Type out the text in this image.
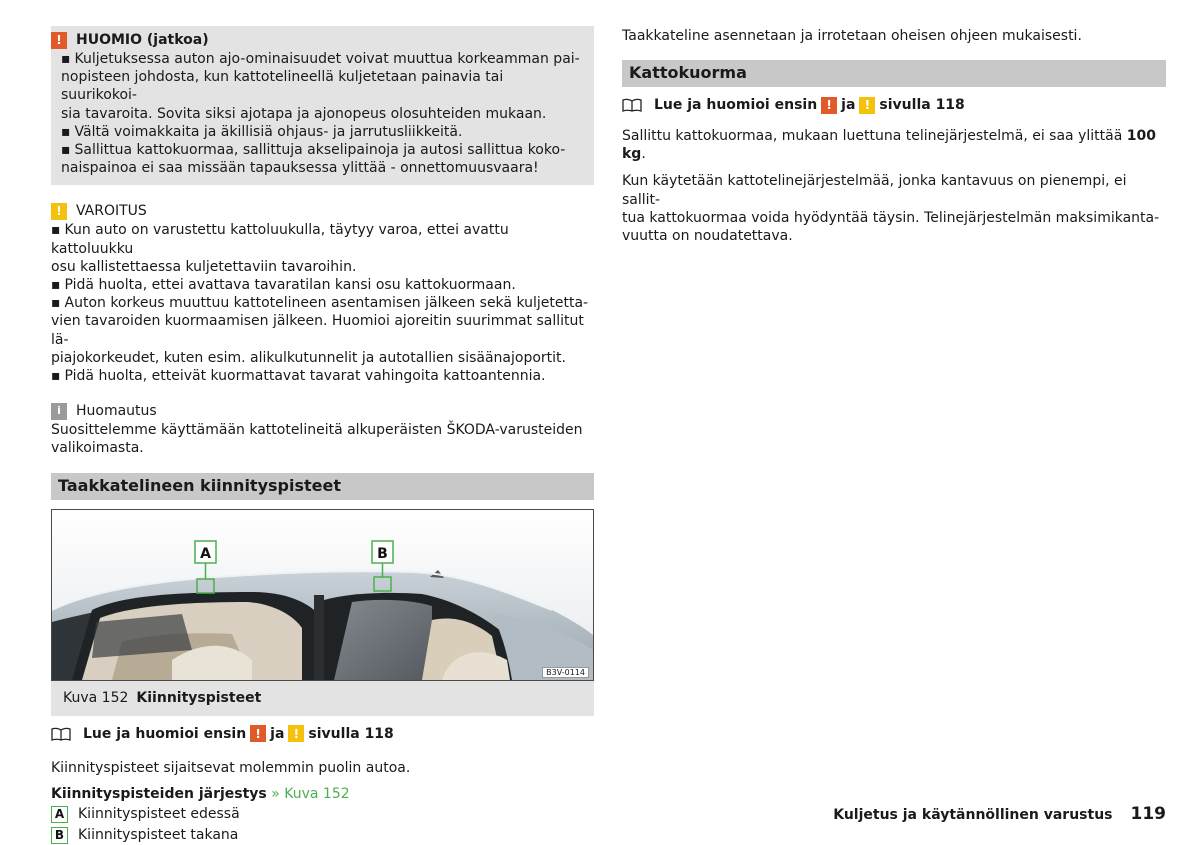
!	HUOMIO (jatkoa)
▪ Kuljetuksessa auton ajo-ominaisuudet voivat muuttua korkeamman pai-
nopisteen johdosta, kun kattotelineellä kuljetetaan painavia tai suurikokoi-
sia tavaroita. Sovita siksi ajotapa ja ajonopeus olosuhteiden mukaan.
▪ Vältä voimakkaita ja äkillisiä ohjaus- ja jarrutusliikkeitä.
▪ Sallittua kattokuormaa, sallittuja akselipainoja ja autosi sallittua koko-
naispainoa ei saa missään tapauksessa ylittää - onnettomuusvaara!
!	VAROITUS
▪ Kun auto on varustettu kattoluukulla, täytyy varoa, ettei avattu kattoluukku
osu kallistettaessa kuljetettaviin tavaroihin.
▪ Pidä huolta, ettei avattava tavaratilan kansi osu kattokuormaan.
▪ Auton korkeus muuttuu kattotelineen asentamisen jälkeen sekä kuljetetta-
vien tavaroiden kuormaamisen jälkeen. Huomioi ajoreitin suurimmat sallitut lä-
piajokorkeudet, kuten esim. alikulkutunnelit ja autotallien sisäänajoportit.
▪ Pidä huolta, etteivät kuormattavat tavarat vahingoita kattoantennia.
i	Huomautus
Suosittelemme käyttämään kattotelineitä alkuperäisten ŠKODA-varusteiden
valikoimasta.
Taakkatelineen kiinnityspisteet
A	B
B3V-0114
Kuva 152 Kiinnityspisteet
Lue ja huomioi ensin ! ja ! sivulla 118
Kiinnityspisteet sijaitsevat molemmin puolin autoa.
Kiinnityspisteiden järjestys » Kuva 152
A Kiinnityspisteet edessä
B Kiinnityspisteet takana
Taakkateline asennetaan ja irrotetaan oheisen ohjeen mukaisesti.
Kattokuorma
Lue ja huomioi ensin ! ja ! sivulla 118
Sallittu kattokuormaa, mukaan luettuna telinejärjestelmä, ei saa ylittää 100 kg.
Kun käytetään kattotelinejärjestelmää, jonka kantavuus on pienempi, ei sallit-
tua kattokuormaa voida hyödyntää täysin. Telinejärjestelmän maksimikanta-
vuutta on noudatettava.
Kuljetus ja käytännöllinen varustus 119
